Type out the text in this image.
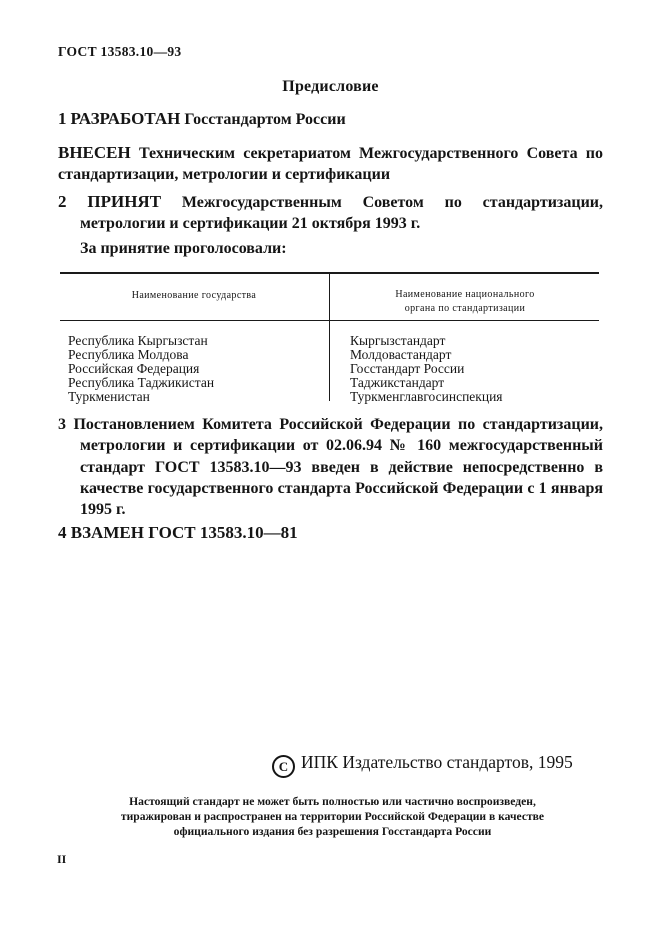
ГОСТ 13583.10—93
Предисловие
1 РАЗРАБОТАН Госстандартом России
ВНЕСЕН Техническим секретариатом Межгосударственного Совета по стандартизации, метрологии и сертификации
2 ПРИНЯТ Межгосударственным Советом по стандартизации, метрологии и сертификации 21 октября 1993 г.
За принятие проголосовали:
Наименование государства	Наименование национального
органа по стандартизации
Республика Кыргызстан	Кыргызстандарт
Республика Молдова	Молдовастандарт
Российская Федерация	Госстандарт России
Республика Таджикистан	Таджикстандарт
Туркменистан	Туркменглавгосинспекция
3 Постановлением Комитета Российской Федерации по стандартизации, метрологии и сертификации от 02.06.94 № 160 межгосударственный стандарт ГОСТ 13583.10—93 введен в действие непосредственно в качестве государственного стандарта Российской Федерации с 1 января 1995 г.
4 ВЗАМЕН ГОСТ 13583.10—81
С ИПК Издательство стандартов, 1995
Настоящий стандарт не может быть полностью или частично воспроизведен,
тиражирован и распространен на территории Российской Федерации в качестве
официального издания без разрешения Госстандарта России
II
